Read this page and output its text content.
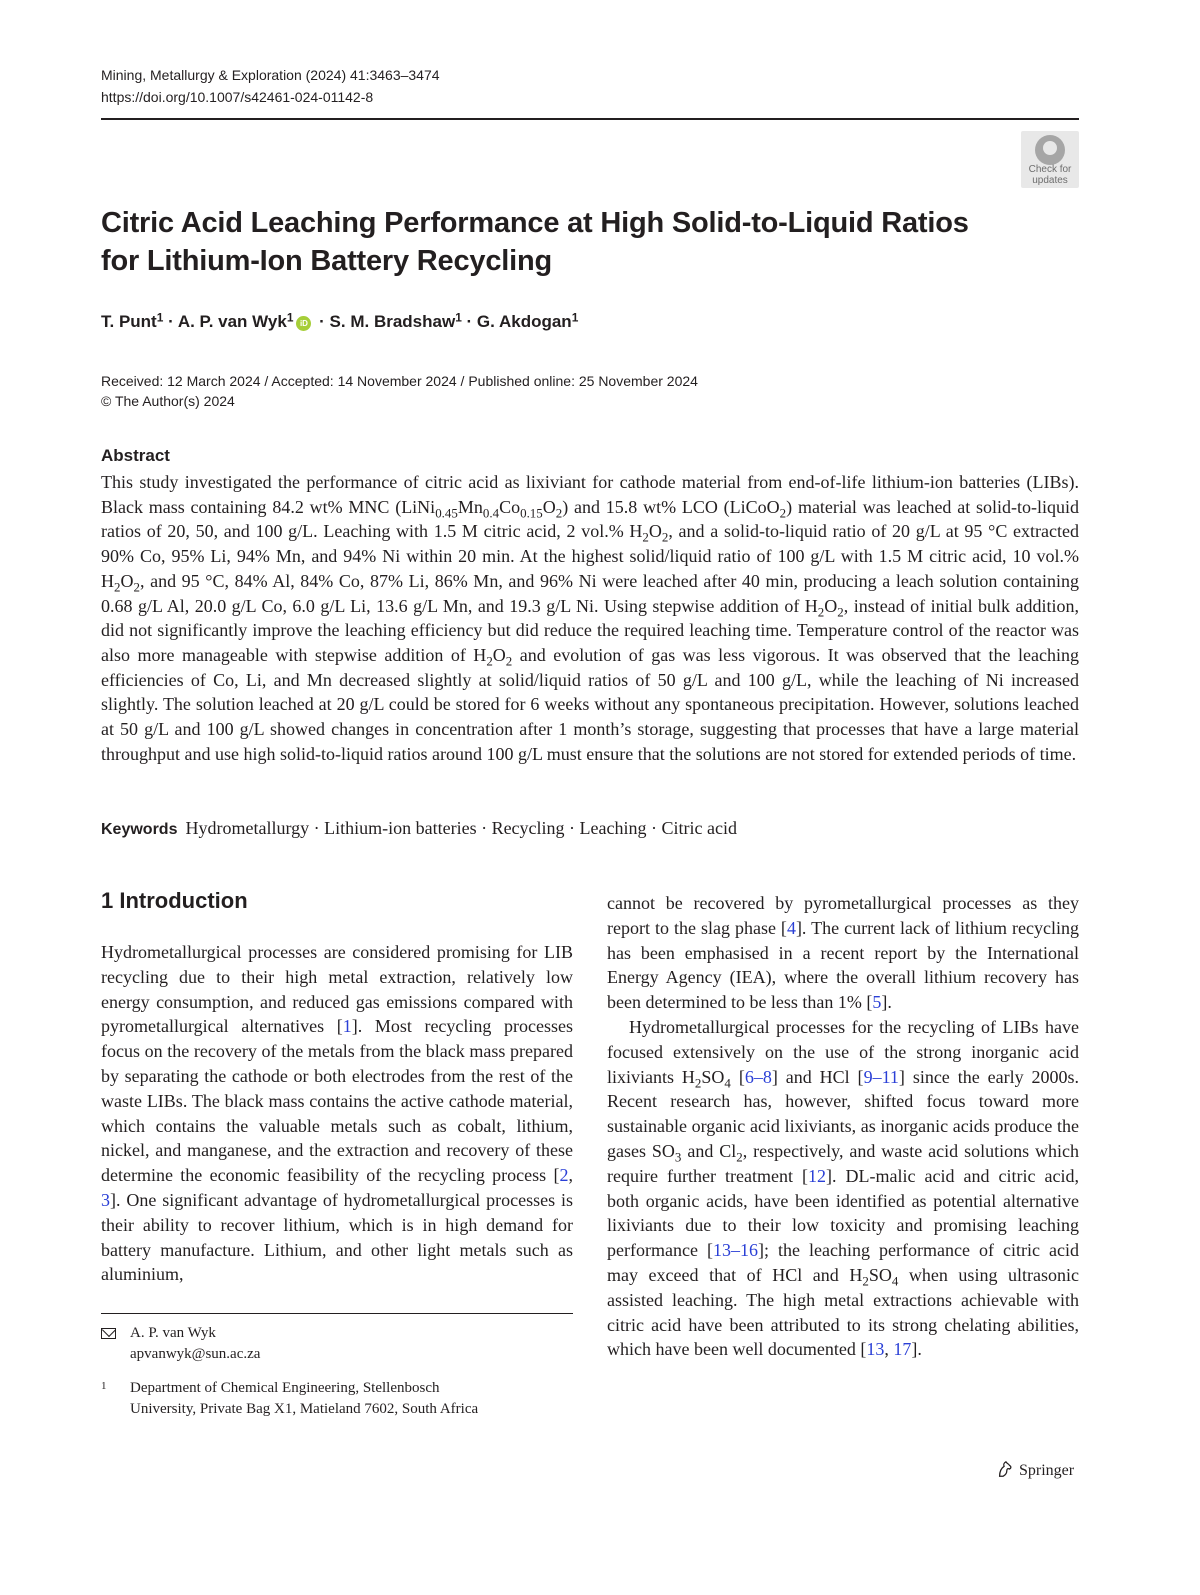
Mining, Metallurgy & Exploration (2024) 41:3463–3474
https://doi.org/10.1007/s42461-024-01142-8
Check for
updates
Citric Acid Leaching Performance at High Solid-to-Liquid Ratios
for Lithium-Ion Battery Recycling
T. Punt$^1$ · A. P. van Wyk$^1$ iD · S. M. Bradshaw$^1$ · G. Akdogan$^1$
Received: 12 March 2024 / Accepted: 14 November 2024 / Published online: 25 November 2024
© The Author(s) 2024
Abstract
This study investigated the performance of citric acid as lixiviant for cathode material from end-of-life lithium-ion batteries (LIBs). Black mass containing 84.2 wt% MNC $(LiNi_{0.45}Mn_{0.4}Co_{0.15}O_2)$ and 15.8 wt% LCO (LiCoO$_2$) material was leached at solid-to-liquid ratios of 20, 50, and 100 g/L. Leaching with 1.5 M citric acid, 2 vol.% $H_2O_2$, and a solid-to-liquid ratio of 20 g/L at 95 °C extracted 90% Co, 95% Li, 94% Mn, and 94% Ni within 20 min. At the highest solid/liquid ratio of 100 g/L with 1.5 M citric acid, 10 vol.% $H_2O_2$, and 95 °C, 84% Al, 84% Co, 87% Li, 86% Mn, and 96% Ni were leached after 40 min, producing a leach solution containing 0.68 g/L Al, 20.0 g/L Co, 6.0 g/L Li, 13.6 g/L Mn, and 19.3 g/L Ni. Using stepwise addition of $H_2O_2$, instead of initial bulk addition, did not significantly improve the leaching efficiency but did reduce the required leaching time. Temperature control of the reactor was also more manageable with stepwise addition of $H_2O_2$ and evolution of gas was less vigorous. It was observed that the leaching efficiencies of Co, Li, and Mn decreased slightly at solid/liquid ratios of 50 g/L and 100 g/L, while the leaching of Ni increased slightly. The solution leached at 20 g/L could be stored for 6 weeks without any spontaneous precipitation. However, solutions leached at 50 g/L and 100 g/L showed changes in concentration after 1 month’s storage, suggesting that processes that have a large material throughput and use high solid-to-liquid ratios around 100 g/L must ensure that the solutions are not stored for extended periods of time.
Keywords Hydrometallurgy · Lithium-ion batteries · Recycling · Leaching · Citric acid
1 Introduction

Hydrometallurgical processes are considered promising for LIB recycling due to their high metal extraction, relatively low energy consumption, and reduced gas emissions compared with pyrometallurgical alternatives [1]. Most recycling processes focus on the recovery of the metals from the black mass prepared by separating the cathode or both electrodes from the rest of the waste LIBs. The black mass contains the active cathode material, which contains the valuable metals such as cobalt, lithium, nickel, and manganese, and the extraction and recovery of these determine the economic feasibility of the recycling process [2, 3]. One significant advantage of hydrometallurgical processes is their ability to recover lithium, which is in high demand for battery manufacture. Lithium, and other light metals such as aluminium,

cannot be recovered by pyrometallurgical processes as they report to the slag phase [4]. The current lack of lithium recycling has been emphasised in a recent report by the International Energy Agency (IEA), where the overall lithium recovery has been determined to be less than 1% [5].

Hydrometallurgical processes for the recycling of LIBs have focused extensively on the use of the strong inorganic acid lixiviants $H_2SO_4$ [6–8] and HCl [9–11] since the early 2000s. Recent research has, however, shifted focus toward more sustainable organic acid lixiviants, as inorganic acids produce the gases $SO_3$ and $Cl_2$, respectively, and waste acid solutions which require further treatment [12]. DL-malic acid and citric acid, both organic acids, have been identified as potential alternative lixiviants due to their low toxicity and promising leaching performance [13–16]; the leaching performance of citric acid may exceed that of HCl and $H_2SO_4$ when using ultrasonic assisted leaching. The high metal extractions achievable with citric acid have been attributed to its strong chelating abilities, which have been well documented [13, 17].

A. P. van Wyk
apvanwyk@sun.ac.za
1 Department of Chemical Engineering, Stellenbosch
University, Private Bag X1, Matieland 7602, South Africa
Springer
